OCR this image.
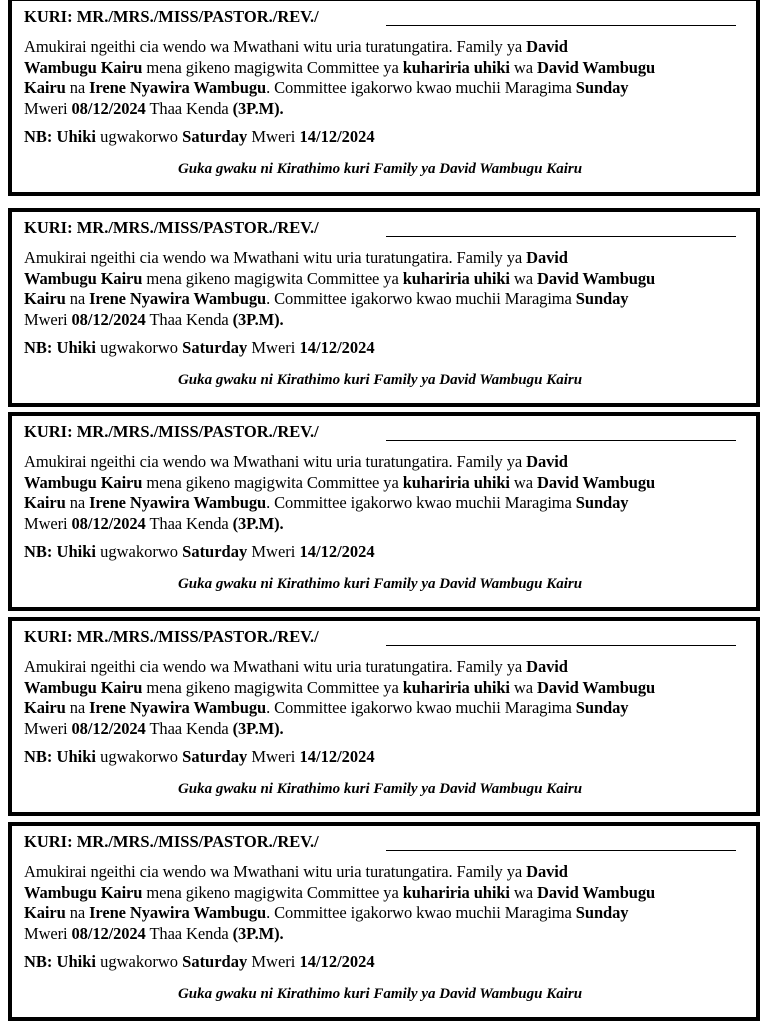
KURI: MR./MRS./MISS/PASTOR./REV./
Amukirai ngeithi cia wendo wa Mwathani witu uria turatungatira. Family ya David
Wambugu Kairu mena gikeno magigwita Committee ya kuhariria uhiki wa David Wambugu
Kairu na Irene Nyawira Wambugu. Committee igakorwo kwao muchii Maragima Sunday
Mweri 08/12/2024 Thaa Kenda (3P.M).
NB: Uhiki ugwakorwo Saturday Mweri 14/12/2024
Guka gwaku ni Kirathimo kuri Family ya David Wambugu Kairu
KURI: MR./MRS./MISS/PASTOR./REV./
Amukirai ngeithi cia wendo wa Mwathani witu uria turatungatira. Family ya David
Wambugu Kairu mena gikeno magigwita Committee ya kuhariria uhiki wa David Wambugu
Kairu na Irene Nyawira Wambugu. Committee igakorwo kwao muchii Maragima Sunday
Mweri 08/12/2024 Thaa Kenda (3P.M).
NB: Uhiki ugwakorwo Saturday Mweri 14/12/2024
Guka gwaku ni Kirathimo kuri Family ya David Wambugu Kairu
KURI: MR./MRS./MISS/PASTOR./REV./
Amukirai ngeithi cia wendo wa Mwathani witu uria turatungatira. Family ya David
Wambugu Kairu mena gikeno magigwita Committee ya kuhariria uhiki wa David Wambugu
Kairu na Irene Nyawira Wambugu. Committee igakorwo kwao muchii Maragima Sunday
Mweri 08/12/2024 Thaa Kenda (3P.M).
NB: Uhiki ugwakorwo Saturday Mweri 14/12/2024
Guka gwaku ni Kirathimo kuri Family ya David Wambugu Kairu
KURI: MR./MRS./MISS/PASTOR./REV./
Amukirai ngeithi cia wendo wa Mwathani witu uria turatungatira. Family ya David
Wambugu Kairu mena gikeno magigwita Committee ya kuhariria uhiki wa David Wambugu
Kairu na Irene Nyawira Wambugu. Committee igakorwo kwao muchii Maragima Sunday
Mweri 08/12/2024 Thaa Kenda (3P.M).
NB: Uhiki ugwakorwo Saturday Mweri 14/12/2024
Guka gwaku ni Kirathimo kuri Family ya David Wambugu Kairu
KURI: MR./MRS./MISS/PASTOR./REV./
Amukirai ngeithi cia wendo wa Mwathani witu uria turatungatira. Family ya David
Wambugu Kairu mena gikeno magigwita Committee ya kuhariria uhiki wa David Wambugu
Kairu na Irene Nyawira Wambugu. Committee igakorwo kwao muchii Maragima Sunday
Mweri 08/12/2024 Thaa Kenda (3P.M).
NB: Uhiki ugwakorwo Saturday Mweri 14/12/2024
Guka gwaku ni Kirathimo kuri Family ya David Wambugu Kairu
